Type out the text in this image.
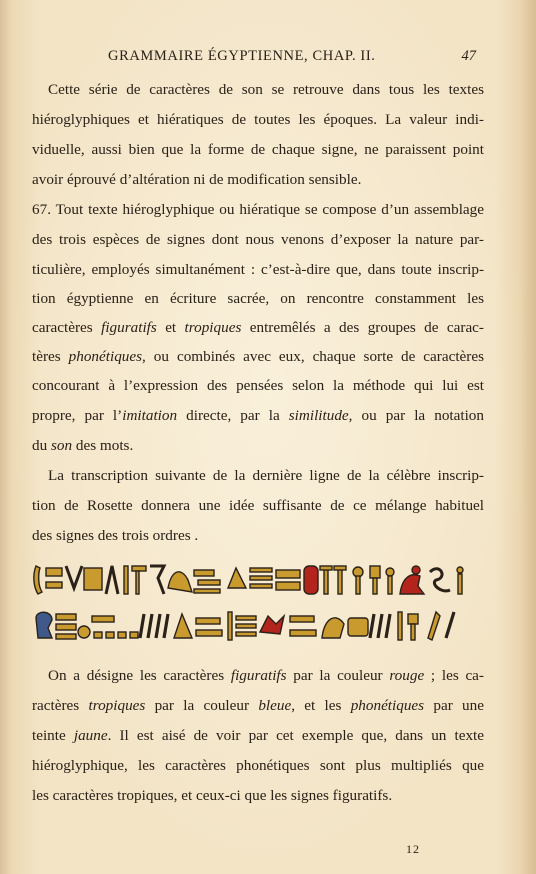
GRAMMAIRE ÉGYPTIENNE, CHAP. II.	47
Cette série de caractères de son se retrouve dans tous les textes
hiéroglyphiques et hiératiques de toutes les époques. La valeur indi-
viduelle, aussi bien que la forme de chaque signe, ne paraissent point
avoir éprouvé d’altération ni de modification sensible.
67. Tout texte hiéroglyphique ou hiératique se compose d’un assemblage
des trois espèces de signes dont nous venons d’exposer la nature par-
ticulière, employés simultanément : c’est-à-dire que, dans toute inscrip-
tion égyptienne en écriture sacrée, on rencontre constamment les
caractères figuratifs et tropiques entremêlés a des groupes de carac-
tères phonétiques, ou combinés avec eux, chaque sorte de caractères
concourant à l’expression des pensées selon la méthode qui lui est
propre, par l’imitation directe, par la similitude, ou par la notation
du son des mots.
La transcription suivante de la dernière ligne de la célèbre inscrip-
tion de Rosette donnera une idée suffisante de ce mélange habituel
des signes des trois ordres .
On a désigne les caractères figuratifs par la couleur rouge ; les ca-
ractères tropiques par la couleur bleue, et les phonétiques par une
teinte jaune. Il est aisé de voir par cet exemple que, dans un texte
hiéroglyphique, les caractères phonétiques sont plus multipliés que
les caractères tropiques, et ceux-ci que les signes figuratifs.
12
